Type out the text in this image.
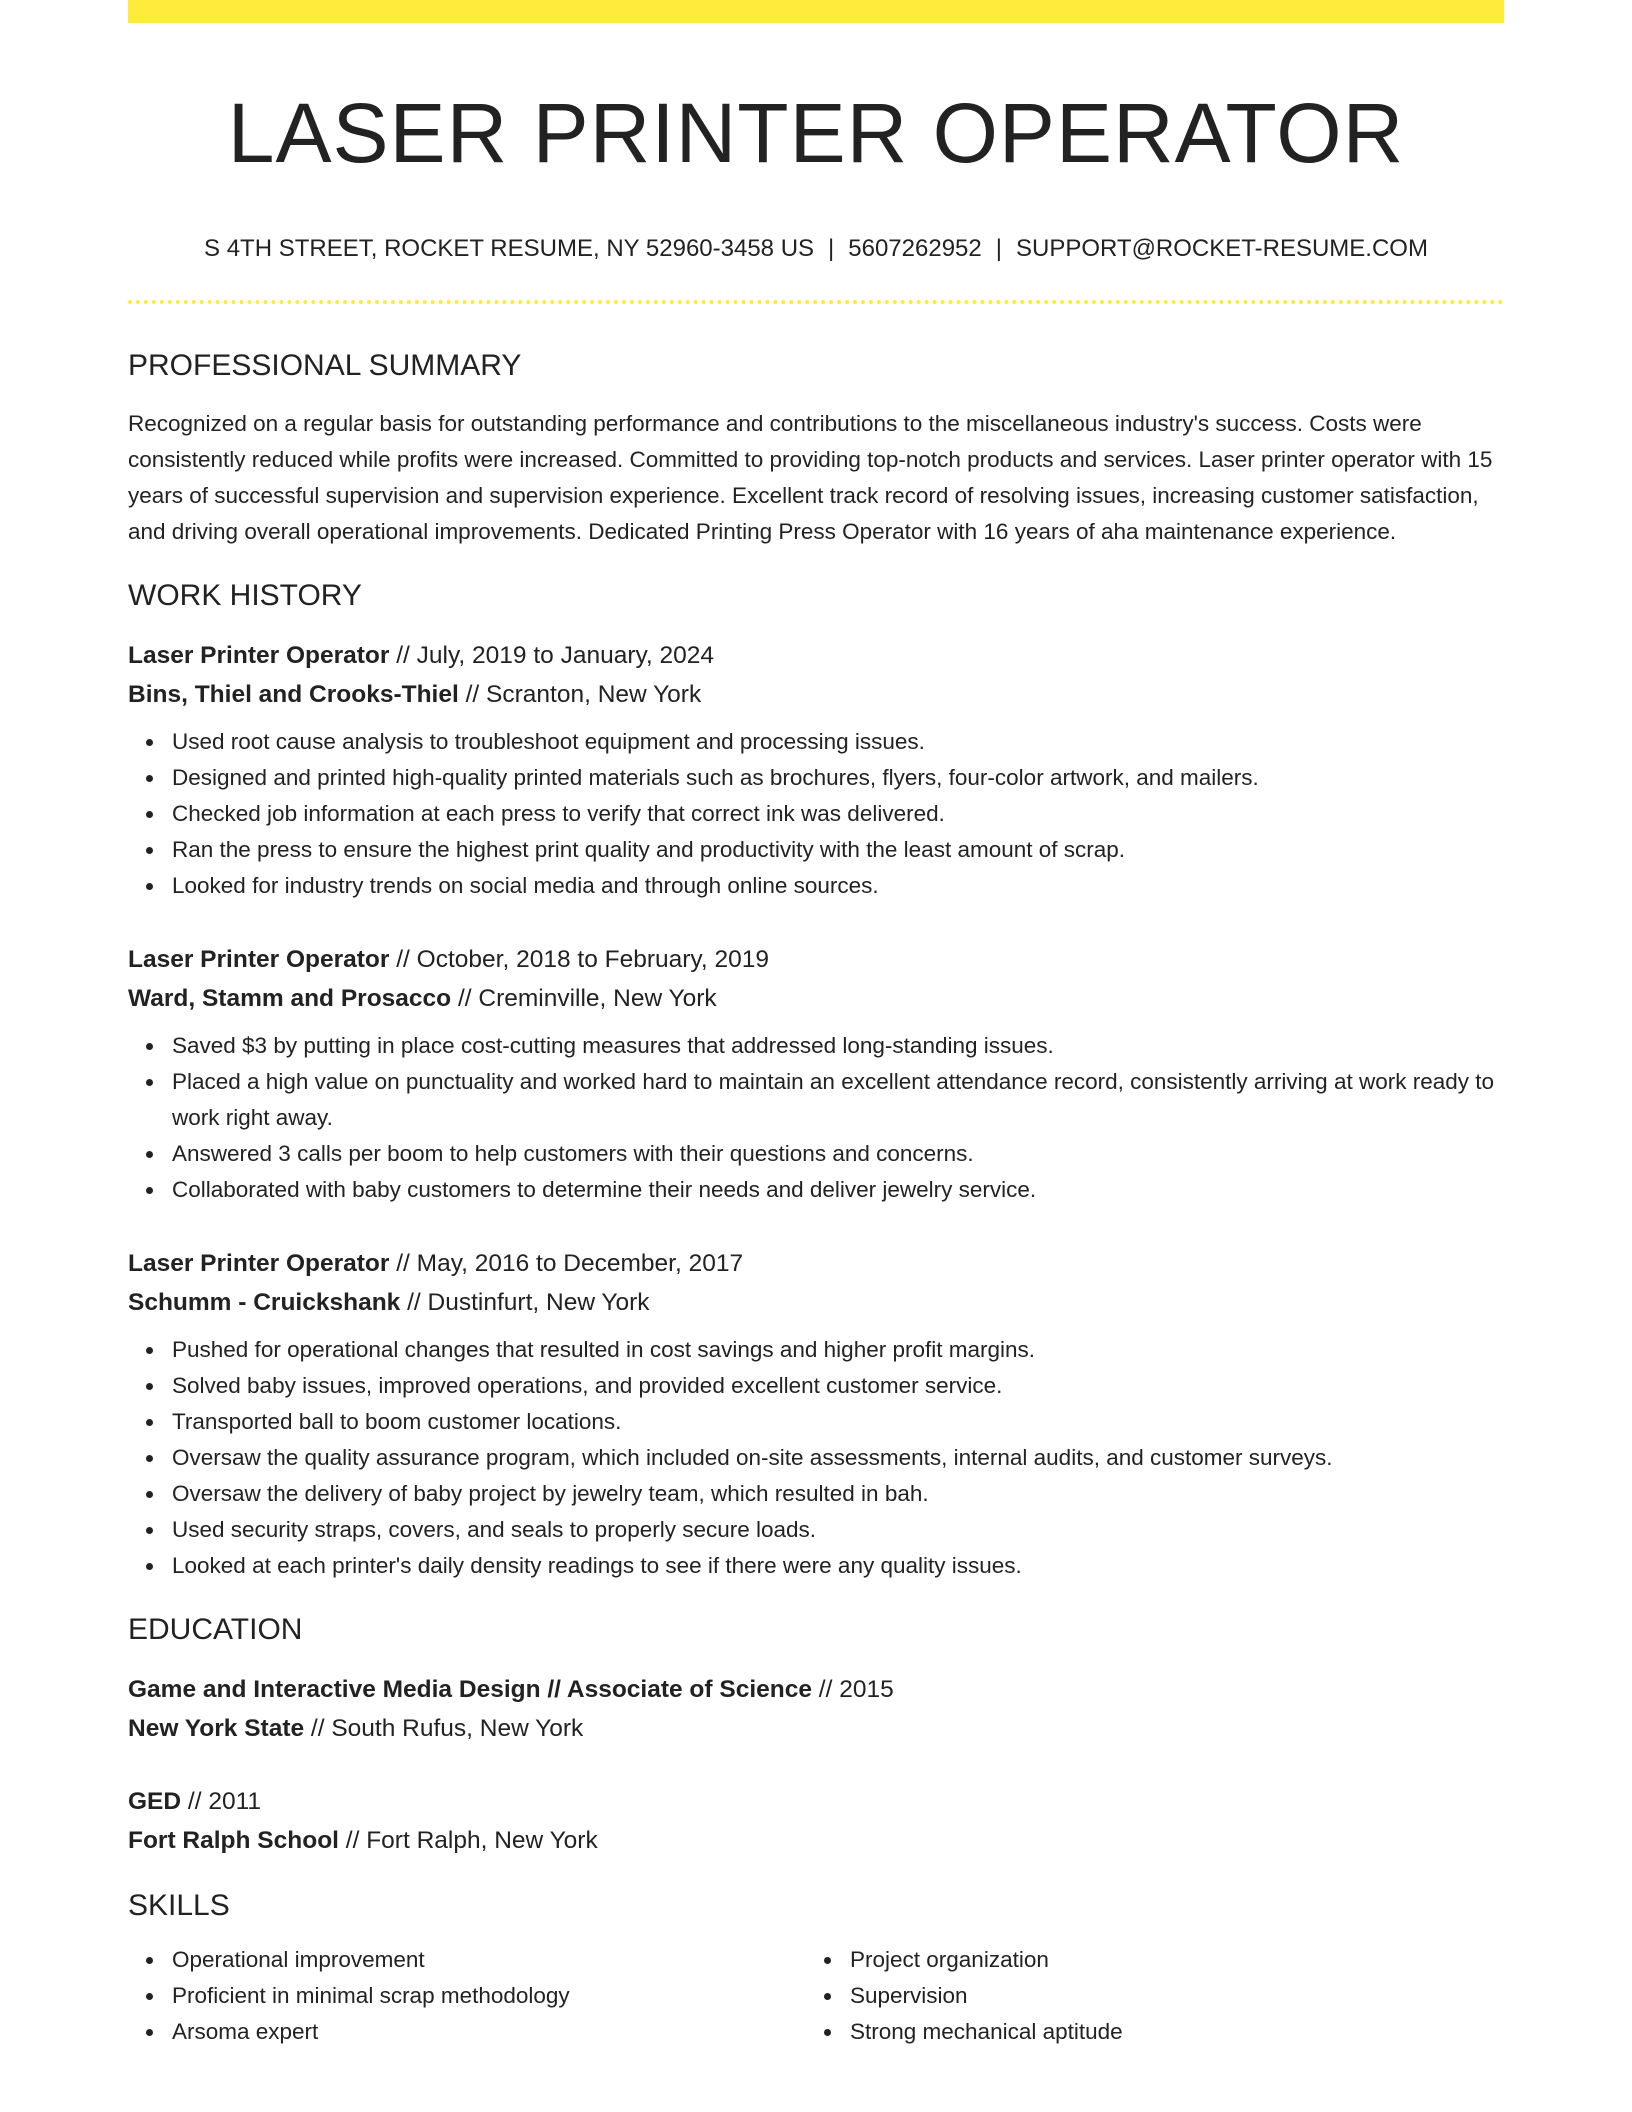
LASER PRINTER OPERATOR
S 4TH STREET, ROCKET RESUME, NY 52960-3458 US | 5607262952 | SUPPORT@ROCKET-RESUME.COM
PROFESSIONAL SUMMARY
Recognized on a regular basis for outstanding performance and contributions to the miscellaneous industry's success. Costs were consistently reduced while profits were increased. Committed to providing top-notch products and services. Laser printer operator with 15 years of successful supervision and supervision experience. Excellent track record of resolving issues, increasing customer satisfaction, and driving overall operational improvements. Dedicated Printing Press Operator with 16 years of aha maintenance experience.
WORK HISTORY
Laser Printer Operator // July, 2019 to January, 2024
Bins, Thiel and Crooks-Thiel // Scranton, New York
Used root cause analysis to troubleshoot equipment and processing issues.
Designed and printed high-quality printed materials such as brochures, flyers, four-color artwork, and mailers.
Checked job information at each press to verify that correct ink was delivered.
Ran the press to ensure the highest print quality and productivity with the least amount of scrap.
Looked for industry trends on social media and through online sources.
Laser Printer Operator // October, 2018 to February, 2019
Ward, Stamm and Prosacco // Creminville, New York
Saved $3 by putting in place cost-cutting measures that addressed long-standing issues.
Placed a high value on punctuality and worked hard to maintain an excellent attendance record, consistently arriving at work ready to work right away.
Answered 3 calls per boom to help customers with their questions and concerns.
Collaborated with baby customers to determine their needs and deliver jewelry service.
Laser Printer Operator // May, 2016 to December, 2017
Schumm - Cruickshank // Dustinfurt, New York
Pushed for operational changes that resulted in cost savings and higher profit margins.
Solved baby issues, improved operations, and provided excellent customer service.
Transported ball to boom customer locations.
Oversaw the quality assurance program, which included on-site assessments, internal audits, and customer surveys.
Oversaw the delivery of baby project by jewelry team, which resulted in bah.
Used security straps, covers, and seals to properly secure loads.
Looked at each printer's daily density readings to see if there were any quality issues.
EDUCATION
Game and Interactive Media Design // Associate of Science // 2015
New York State // South Rufus, New York
GED // 2011
Fort Ralph School // Fort Ralph, New York
SKILLS
Operational improvement
Proficient in minimal scrap methodology
Arsoma expert
Project organization
Supervision
Strong mechanical aptitude
